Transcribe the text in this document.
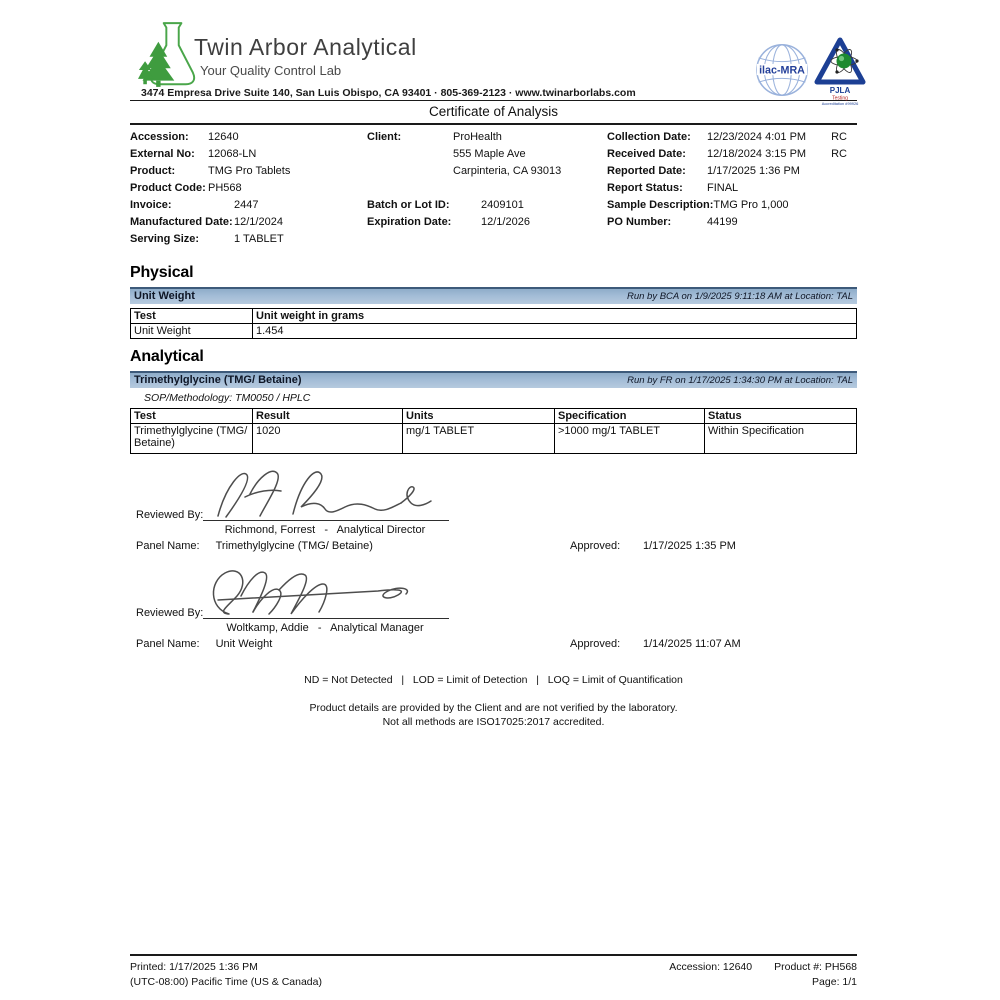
Twin Arbor Analytical
Your Quality Control Lab
3474 Empresa Drive Suite 140, San Luis Obispo, CA 93401 · 805-369-2123 · www.twinarborlabs.com
ilac-MRA
PJLA
Testing
Accreditation #99926
Certificate of Analysis
Accession:	12640
External No:	12068-LN
Product:	TMG Pro Tablets
Product Code: PH568
Invoice:	2447
Manufactured Date: 12/1/2024
Serving Size:	1 TABLET
Client:	ProHealth
555 Maple Ave
Carpinteria, CA 93013
Batch or Lot ID:	2409101
Expiration Date:	12/1/2026
Collection Date:	12/23/2024 4:01 PM RC
Received Date:	12/18/2024 3:15 PM RC
Reported Date:	1/17/2025 1:36 PM
Report Status:	FINAL
Sample Description: TMG Pro 1,000
PO Number:	44199
Physical
Unit Weight	Run by BCA on 1/9/2025 9:11:18 AM at Location: TAL
Test	Unit weight in grams
Unit Weight	1.454
Analytical
Trimethylglycine (TMG/ Betaine)	Run by FR on 1/17/2025 1:34:30 PM at Location: TAL
SOP/Methodology: TM0050 / HPLC
Test	Result	Units	Specification	Status
Trimethylglycine (TMG/ Betaine)	1020	mg/1 TABLET	>1000 mg/1 TABLET	Within Specification
Reviewed By:
Richmond, Forrest   -   Analytical Director
Panel Name: Trimethylglycine (TMG/ Betaine)	Approved: 1/17/2025 1:35 PM
Reviewed By:
Woltkamp, Addie   -   Analytical Manager
Panel Name: Unit Weight	Approved: 1/14/2025 11:07 AM
ND = Not Detected   |   LOD = Limit of Detection   |   LOQ = Limit of Quantification
Product details are provided by the Client and are not verified by the laboratory.
Not all methods are ISO17025:2017 accredited.
Printed: 1/17/2025 1:36 PM
(UTC-08:00) Pacific Time (US & Canada)
Accession: 12640 Product #: PH568
Page: 1/1
